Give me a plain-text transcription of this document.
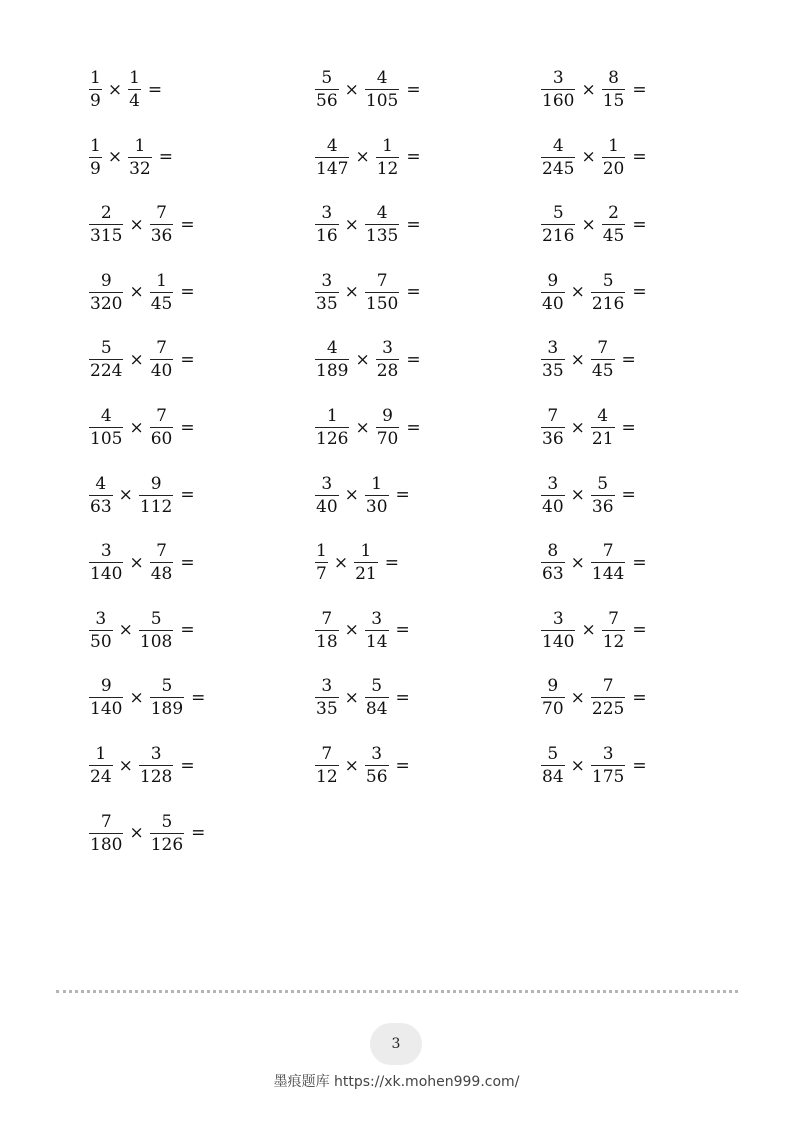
$\frac{1}{9} \times \frac{1}{4}$ =	$\frac{5}{56} \times \frac{4}{105}$ =	$\frac{3}{160} \times \frac{8}{15}$ =
$\frac{1}{9} \times \frac{1}{32}$ =	$\frac{4}{147} \times \frac{1}{12}$ =	$\frac{4}{245} \times \frac{1}{20}$ =
$\frac{2}{315} \times \frac{7}{36}$ =	$\frac{3}{16} \times \frac{4}{135}$ =	$\frac{5}{216} \times \frac{2}{45}$ =
$\frac{9}{320} \times \frac{1}{45}$ =	$\frac{3}{35} \times \frac{7}{150}$ =	$\frac{9}{40} \times \frac{5}{216}$ =
$\frac{5}{224} \times \frac{7}{40}$ =	$\frac{4}{189} \times \frac{3}{28}$ =	$\frac{3}{35} \times \frac{7}{45}$ =
$\frac{4}{105} \times \frac{7}{60}$ =	$\frac{1}{126} \times \frac{9}{70}$ =	$\frac{7}{36} \times \frac{4}{21}$ =
$\frac{4}{63} \times \frac{9}{112}$ =	$\frac{3}{40} \times \frac{1}{30}$ =	$\frac{3}{40} \times \frac{5}{36}$ =
$\frac{3}{140} \times \frac{7}{48}$ =	$\frac{1}{7} \times \frac{1}{21}$ =	$\frac{8}{63} \times \frac{7}{144}$ =
$\frac{3}{50} \times \frac{5}{108}$ =	$\frac{7}{18} \times \frac{3}{14}$ =	$\frac{3}{140} \times \frac{7}{12}$ =
$\frac{9}{140} \times \frac{5}{189}$ =	$\frac{3}{35} \times \frac{5}{84}$ =	$\frac{9}{70} \times \frac{7}{225}$ =
$\frac{1}{24} \times \frac{3}{128}$ =	$\frac{7}{12} \times \frac{3}{56}$ =	$\frac{5}{84} \times \frac{3}{175}$ =
$\frac{7}{180} \times \frac{5}{126}$ =
3
墨痕题库 https://xk.mohen999.com/
